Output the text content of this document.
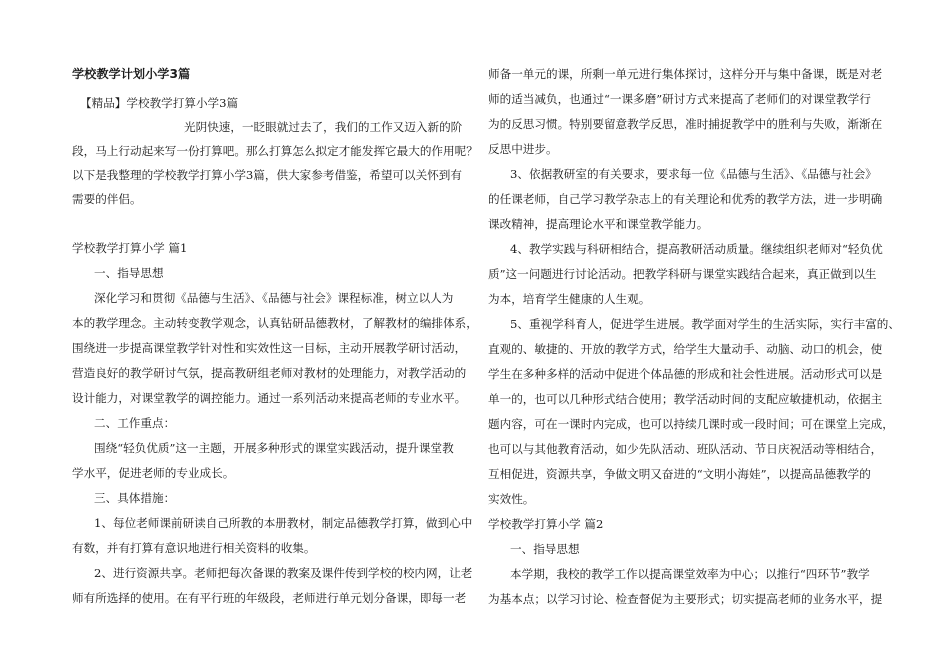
学校教学计划小学3篇
【精品】学校教学打算小学3篇
光阴快速，一眨眼就过去了，我们的工作又迈入新的阶
段，马上行动起来写一份打算吧。那么打算怎么拟定才能发挥它最大的作用呢？
以下是我整理的学校教学打算小学3篇，供大家参考借鉴，希望可以关怀到有
需要的伴侣。
学校教学打算小学 篇1
一、指导思想
深化学习和贯彻《品德与生活》、《品德与社会》课程标准，树立以人为
本的教学理念。主动转变教学观念，认真钻研品德教材，了解教材的编排体系，
围绕进一步提高课堂教学针对性和实效性这一目标，主动开展教学研讨活动，
营造良好的教学研讨气氛，提高教研组老师对教材的处理能力，对教学活动的
设计能力，对课堂教学的调控能力。通过一系列活动来提高老师的专业水平。
二、工作重点：
围绕“轻负优质”这一主题，开展多种形式的课堂实践活动，提升课堂教
学水平，促进老师的专业成长。
三、具体措施：
1、每位老师课前研读自己所教的本册教材，制定品德教学打算，做到心中
有数，并有打算有意识地进行相关资料的收集。
2、进行资源共享。老师把每次备课的教案及课件传到学校的校内网，让老
师有所选择的使用。在有平行班的年级段，老师进行单元划分备课，即每一老
师备一单元的课，所剩一单元进行集体探讨，这样分开与集中备课，既是对老
师的适当减负，也通过“一课多磨”研讨方式来提高了老师们的对课堂教学行
为的反思习惯。特别要留意教学反思，准时捕捉教学中的胜利与失败，渐渐在
反思中进步。
3、依据教研室的有关要求，要求每一位《品德与生活》、《品德与社会》
的任课老师，自己学习教学杂志上的有关理论和优秀的教学方法，进一步明确
课改精神，提高理论水平和课堂教学能力。
4、教学实践与科研相结合，提高教研活动质量。继续组织老师对“轻负优
质”这一问题进行讨论活动。把教学科研与课堂实践结合起来，真正做到以生
为本，培育学生健康的人生观。
5、重视学科育人，促进学生进展。教学面对学生的生活实际，实行丰富的、
直观的、敏捷的、开放的教学方式，给学生大量动手、动脑、动口的机会，使
学生在多种多样的活动中促进个体品德的形成和社会性进展。活动形式可以是
单一的，也可以几种形式结合使用；教学活动时间的支配应敏捷机动，依据主
题内容，可在一课时内完成，也可以持续几课时或一段时间；可在课堂上完成，
也可以与其他教育活动，如少先队活动、班队活动、节日庆祝活动等相结合，
互相促进，资源共享，争做文明又奋进的“文明小海娃”，以提高品德教学的
实效性。
学校教学打算小学 篇2
一、指导思想
本学期，我校的教学工作以提高课堂效率为中心；以推行“四环节”教学
为基本点；以学习讨论、检查督促为主要形式；切实提高老师的业务水平，提
